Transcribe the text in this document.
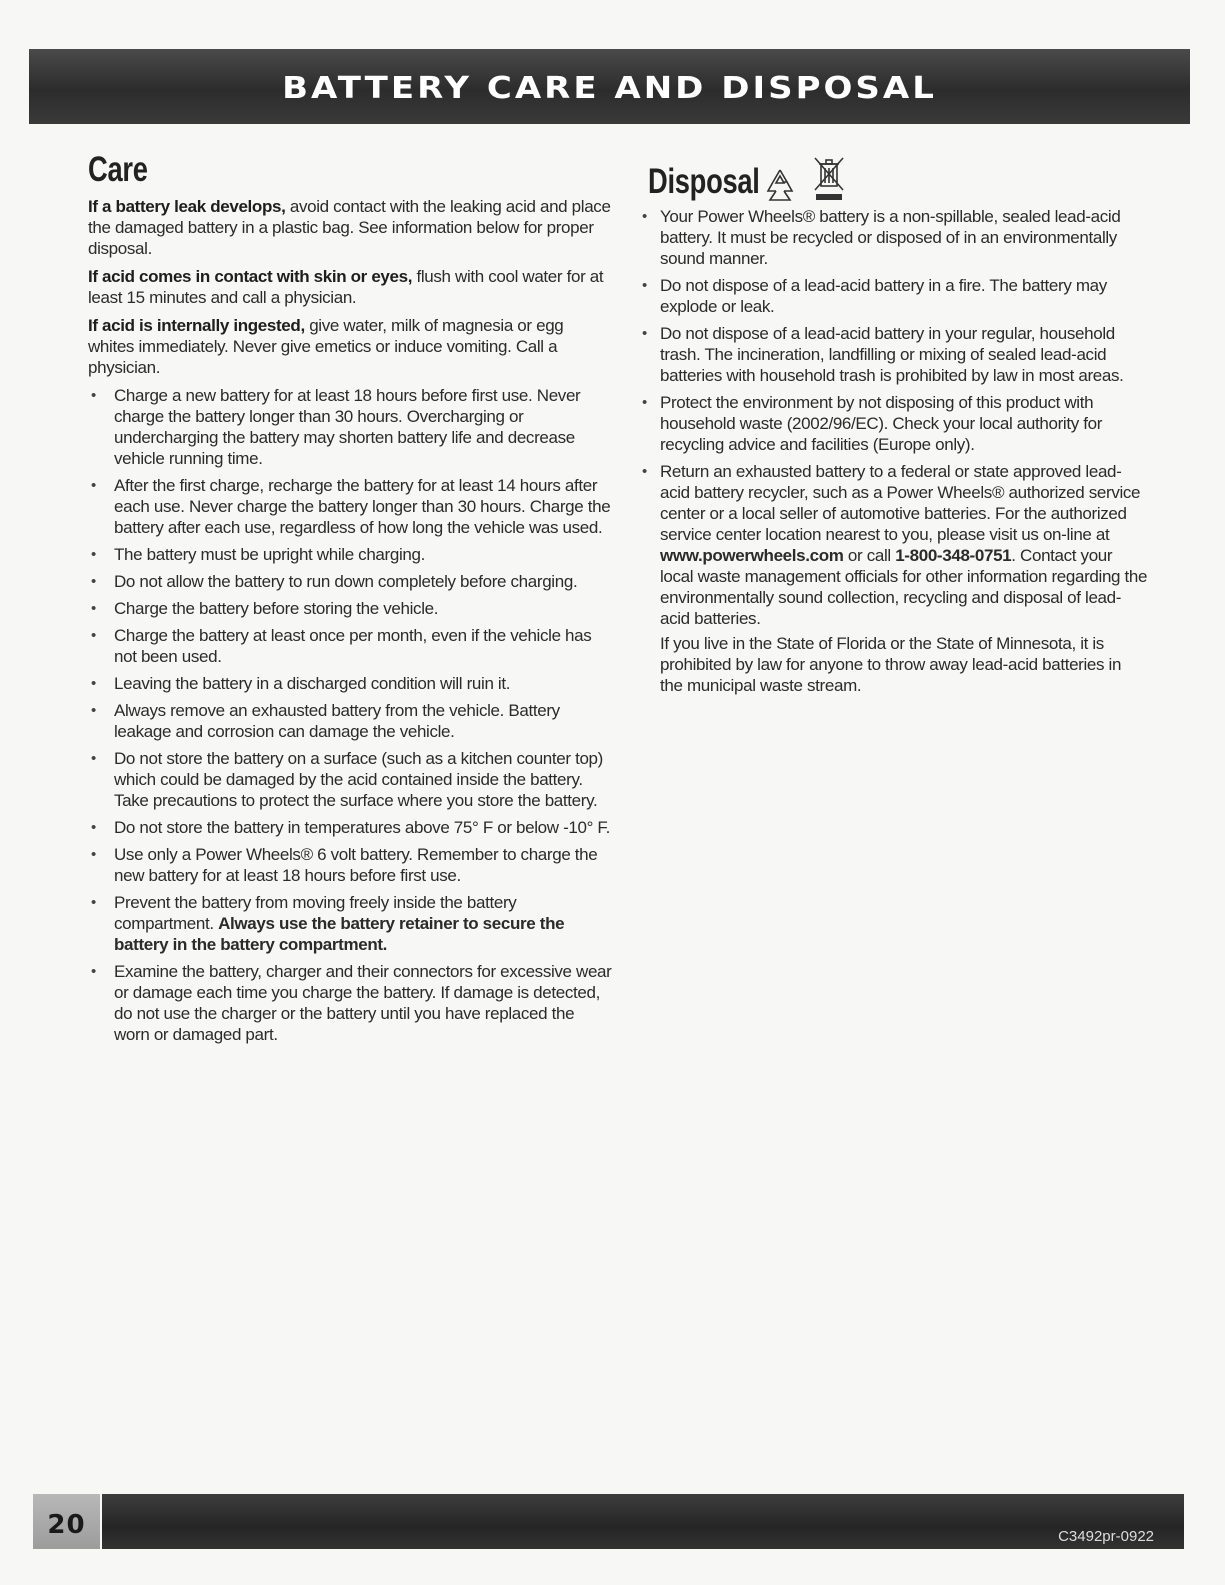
BATTERY CARE AND DISPOSAL
Care

If a battery leak develops, avoid contact with the leaking acid and place the damaged battery in a plastic bag. See information below for proper disposal.

If acid comes in contact with skin or eyes, flush with cool water for at least 15 minutes and call a physician.

If acid is internally ingested, give water, milk of magnesia or egg whites immediately. Never give emetics or induce vomiting. Call a physician.

• Charge a new battery for at least 18 hours before first use. Never charge the battery longer than 30 hours. Overcharging or undercharging the battery may shorten battery life and decrease vehicle running time.
• After the first charge, recharge the battery for at least 14 hours after each use. Never charge the battery longer than 30 hours. Charge the battery after each use, regardless of how long the vehicle was used.
• The battery must be upright while charging.
• Do not allow the battery to run down completely before charging.
• Charge the battery before storing the vehicle.
• Charge the battery at least once per month, even if the vehicle has not been used.
• Leaving the battery in a discharged condition will ruin it.
• Always remove an exhausted battery from the vehicle. Battery leakage and corrosion can damage the vehicle.
• Do not store the battery on a surface (such as a kitchen counter top) which could be damaged by the acid contained inside the battery. Take precautions to protect the surface where you store the battery.
• Do not store the battery in temperatures above 75° F or below -10° F.
• Use only a Power Wheels® 6 volt battery. Remember to charge the new battery for at least 18 hours before first use.
• Prevent the battery from moving freely inside the battery compartment. Always use the battery retainer to secure the battery in the battery compartment.
• Examine the battery, charger and their connectors for excessive wear or damage each time you charge the battery. If damage is detected, do not use the charger or the battery until you have replaced the worn or damaged part.
Disposal
• Your Power Wheels® battery is a non-spillable, sealed lead-acid battery. It must be recycled or disposed of in an environmentally sound manner.
• Do not dispose of a lead-acid battery in a fire. The battery may explode or leak.
• Do not dispose of a lead-acid battery in your regular, household trash. The incineration, landfilling or mixing of sealed lead-acid batteries with household trash is prohibited by law in most areas.
• Protect the environment by not disposing of this product with household waste (2002/96/EC). Check your local authority for recycling advice and facilities (Europe only).
• Return an exhausted battery to a federal or state approved lead-acid battery recycler, such as a Power Wheels® authorized service center or a local seller of automotive batteries. For the authorized service center location nearest to you, please visit us on-line at www.powerwheels.com or call 1-800-348-0751. Contact your local waste management officials for other information regarding the environmentally sound collection, recycling and disposal of lead-acid batteries.

If you live in the State of Florida or the State of Minnesota, it is prohibited by law for anyone to throw away lead-acid batteries in the municipal waste stream.

20	C3492pr-0922
